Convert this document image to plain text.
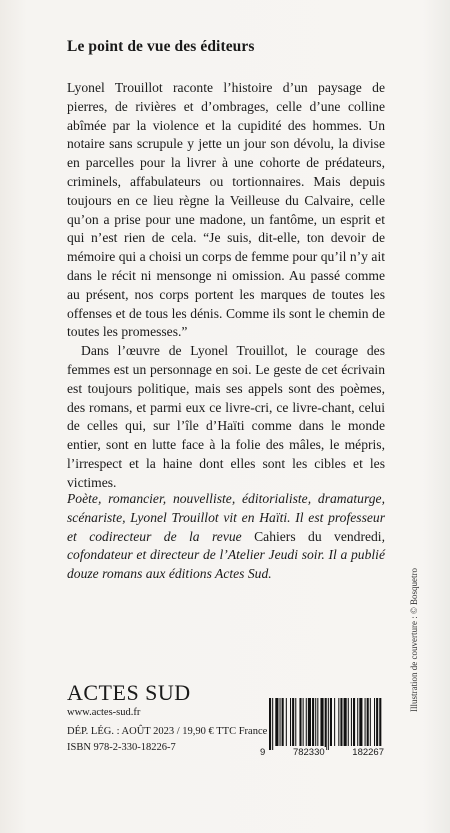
Le point de vue des éditeurs

Lyonel Trouillot raconte l’histoire d’un paysage de pierres, de rivières et d’ombrages, celle d’une colline abîmée par la violence et la cupidité des hommes. Un notaire sans scrupule y jette un jour son dévolu, la divise en parcelles pour la livrer à une cohorte de prédateurs, criminels, affabulateurs ou tortionnaires. Mais depuis toujours en ce lieu règne la Veilleuse du Calvaire, celle qu’on a prise pour une madone, un fantôme, un esprit et qui n’est rien de cela. “Je suis, dit-elle, ton devoir de mémoire qui a choisi un corps de femme pour qu’il n’y ait dans le récit ni mensonge ni omission. Au passé comme au présent, nos corps portent les marques de toutes les offenses et de tous les dénis. Comme ils sont le chemin de toutes les promesses.”

Dans l’œuvre de Lyonel Trouillot, le courage des femmes est un personnage en soi. Le geste de cet écrivain est toujours politique, mais ses appels sont des poèmes, des romans, et parmi eux ce livre-cri, ce livre-chant, celui de celles qui, sur l’île d’Haïti comme dans le monde entier, sont en lutte face à la folie des mâles, le mépris, l’irrespect et la haine dont elles sont les cibles et les victimes.

Poète, romancier, nouvelliste, éditorialiste, dramaturge, scénariste, Lyonel Trouillot vit en Haïti. Il est professeur et codirecteur de la revue Cahiers du vendredi, cofondateur et directeur de l’Atelier Jeudi soir. Il a publié douze romans aux éditions Actes Sud.	Illustration de couverture : © Bosquetro
ACTES SUD
www.actes-sud.fr
DÉP. LÉG. : AOÛT 2023 / 19,90 € TTC France
ISBN 978-2-330-18226-7	9	782330	182267
